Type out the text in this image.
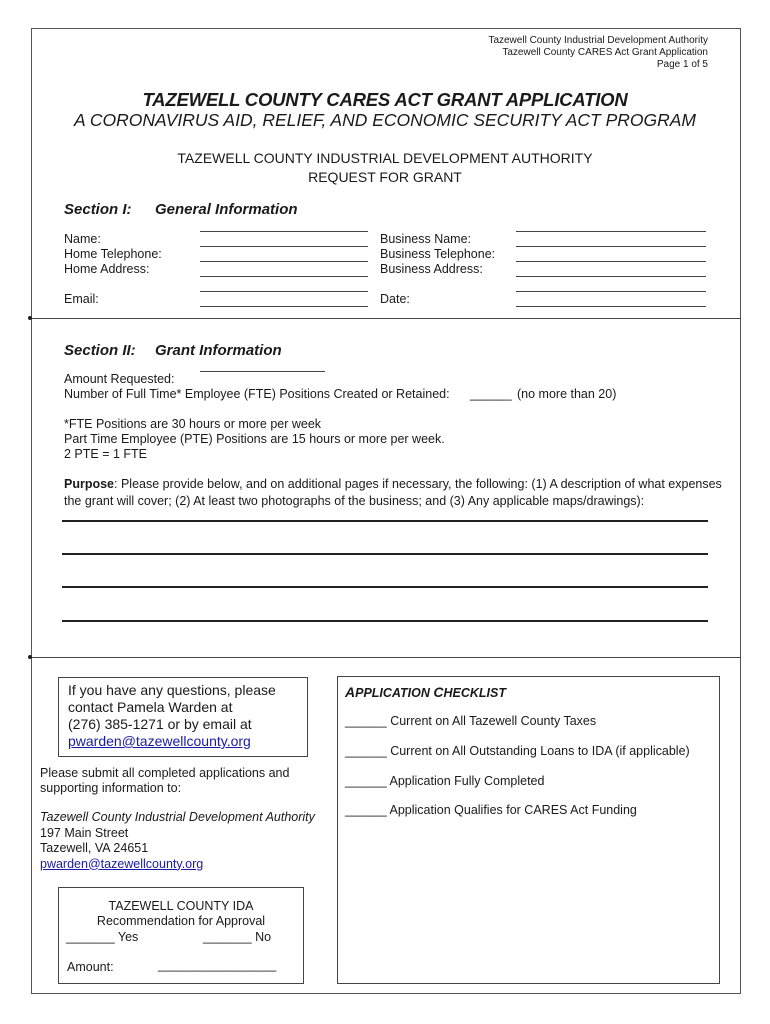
Tazewell County Industrial Development Authority
Tazewell County CARES Act Grant Application
Page 1 of 5
TAZEWELL COUNTY CARES ACT GRANT APPLICATION
A CORONAVIRUS AID, RELIEF, AND ECONOMIC SECURITY ACT PROGRAM
TAZEWELL COUNTY INDUSTRIAL DEVELOPMENT AUTHORITY
REQUEST FOR GRANT
Section I: General Information
Name:
Home Telephone:
Home Address:
Email:
Business Name:
Business Telephone:
Business Address:
Date:
Section II: Grant Information
Amount Requested:
Number of Full Time* Employee (FTE) Positions Created or Retained: ______ (no more than 20)
*FTE Positions are 30 hours or more per week
Part Time Employee (PTE) Positions are 15 hours or more per week.
2 PTE = 1 FTE
Purpose: Please provide below, and on additional pages if necessary, the following: (1) A description of what expenses the grant will cover; (2) At least two photographs of the business; and (3) Any applicable maps/drawings):
If you have any questions, please
contact Pamela Warden at
(276) 385-1271 or by email at
pwarden@tazewellcounty.org
Please submit all completed applications and supporting information to:
Tazewell County Industrial Development Authority
197 Main Street
Tazewell, VA 24651
pwarden@tazewellcounty.org
TAZEWELL COUNTY IDA
Recommendation for Approval
_______ Yes	_______ No
Amount:	_________________
APPLICATION CHECKLIST
______ Current on All Tazewell County Taxes
______ Current on All Outstanding Loans to IDA (if applicable)
______ Application Fully Completed
______ Application Qualifies for CARES Act Funding
